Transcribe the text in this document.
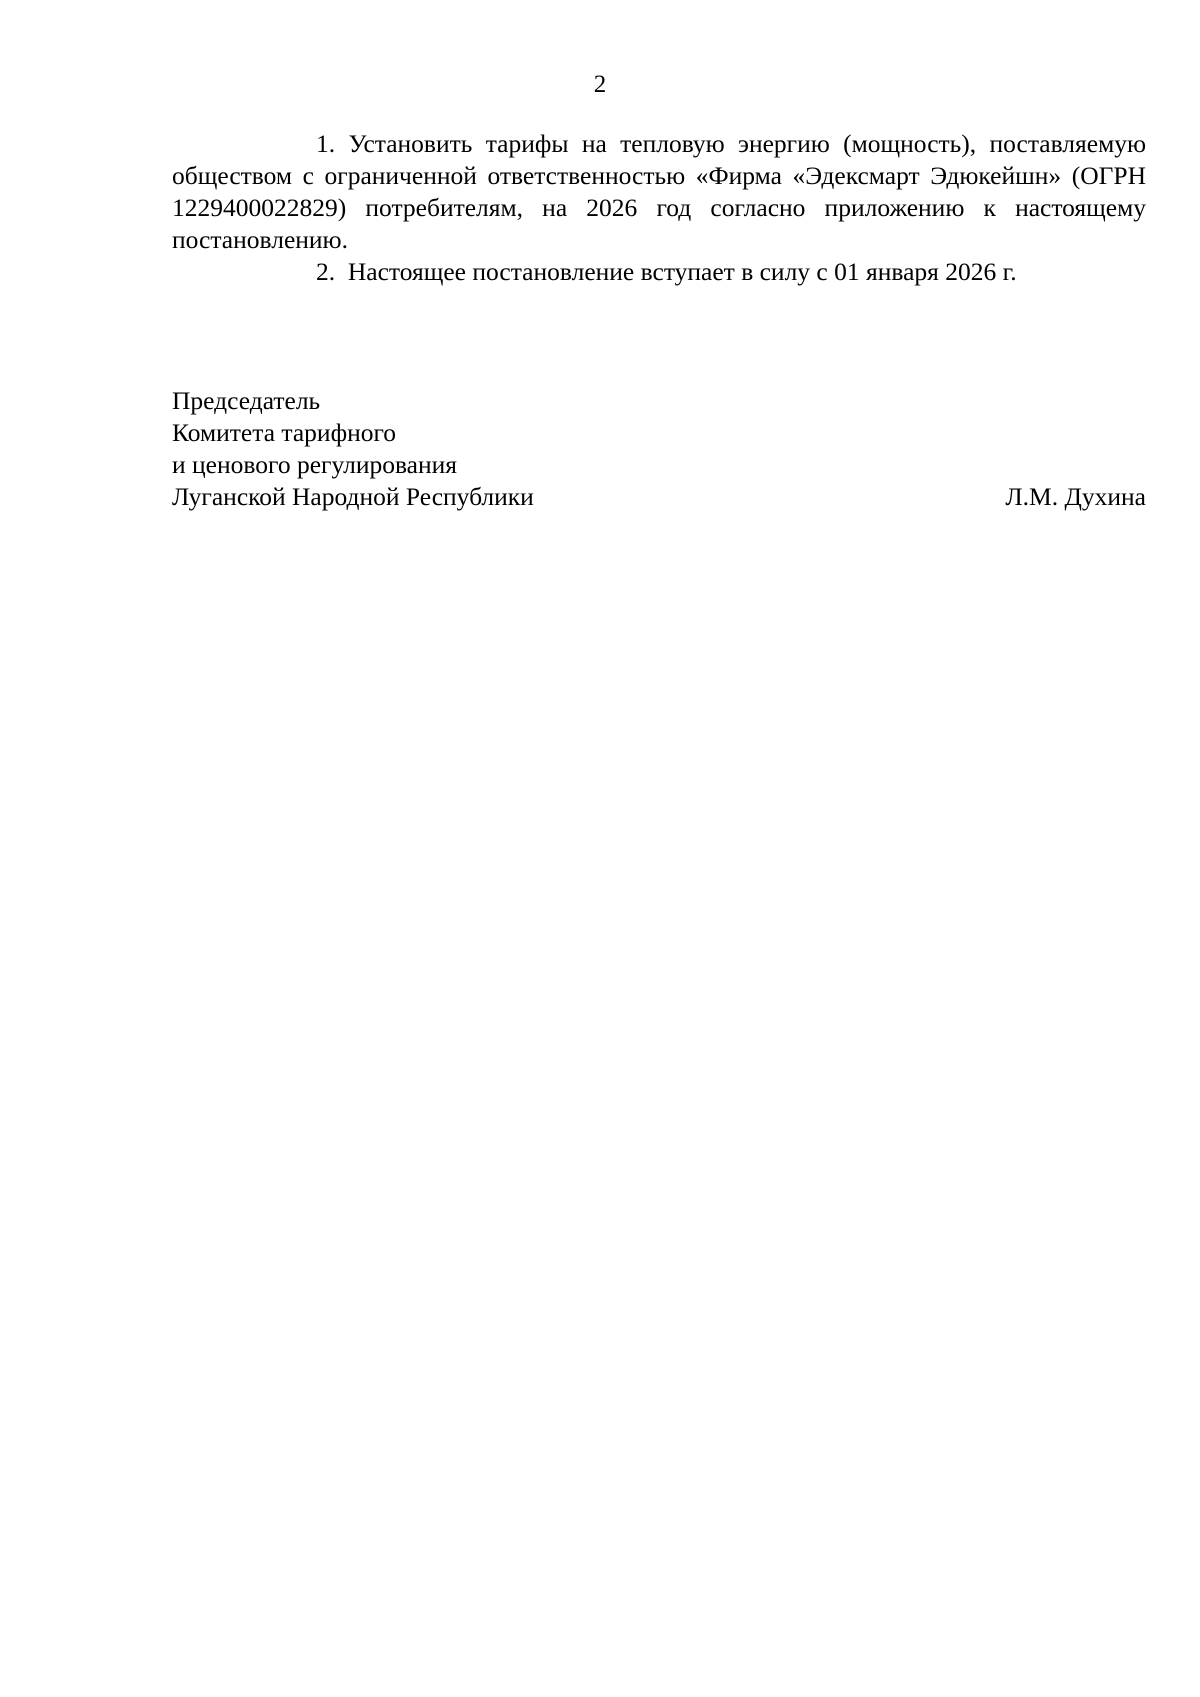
2

1. Установить тарифы на тепловую энергию (мощность), поставляемую обществом с ограниченной ответственностью «Фирма «Эдексмарт Эдюкейшн» (ОГРН 1229400022829) потребителям, на 2026 год согласно приложению к настоящему постановлению.

2. Настоящее постановление вступает в силу с 01 января 2026 г.

Председатель
Комитета тарифного
и ценового регулирования
Луганской Народной Республики	Л.М. Духина
